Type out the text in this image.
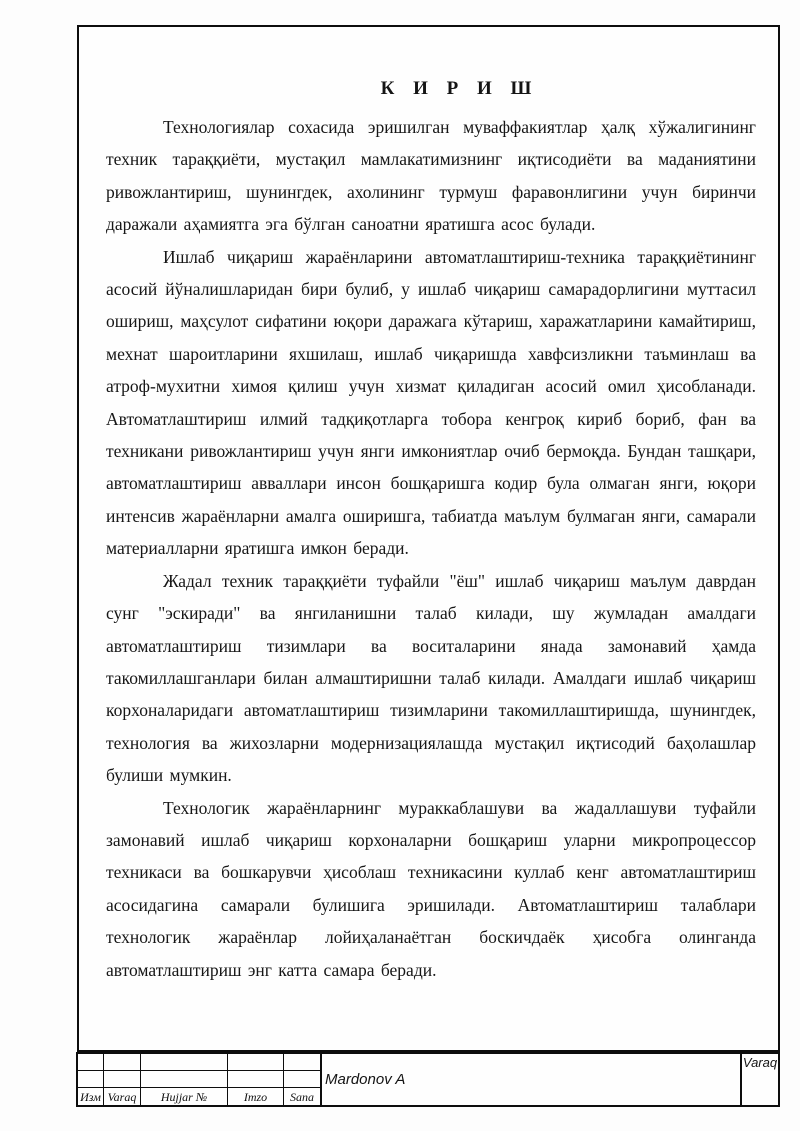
К И Р И Ш

Технологиялар сохасида эришилган муваффакиятлар ҳалқ хўжалигининг техник тараққиёти, мустақил мамлакатимизнинг иқтисодиёти ва маданиятини ривожлантириш, шунингдек, ахолининг турмуш фаравонлигини учун биринчи даражали аҳамиятга эга бўлган саноатни яратишга асос булади.

Ишлаб чиқариш жараёнларини автоматлаштириш-техника тараққиётининг асосий йўналишларидан бири булиб, у ишлаб чиқариш самарадорлигини муттасил ошириш, маҳсулот сифатини юқори даражага кўтариш, харажатларини камайтириш, мехнат шароитларини яхшилаш, ишлаб чиқаришда хавфсизликни таъминлаш ва атроф-мухитни химоя қилиш учун хизмат қиладиган асосий омил ҳисобланади. Автоматлаштириш илмий тадқиқотларга тобора кенгроқ кириб бориб, фан ва техникани ривожлантириш учун янги имкониятлар очиб бермоқда. Бундан ташқари, автоматлаштириш авваллари инсон бошқаришга кодир була олмаган янги, юқори интенсив жараёнларни амалга оширишга, табиатда маълум булмаган янги, самарали материалларни яратишга имкон беради.

Жадал техник тараққиёти туфайли "ёш" ишлаб чиқариш маълум даврдан сунг "эскиради" ва янгиланишни талаб килади, шу жумладан амалдаги автоматлаштириш тизимлари ва воситаларини янада замонавий ҳамда такомиллашганлари билан алмаштиришни талаб килади. Амалдаги ишлаб чиқариш корхоналаридаги автоматлаштириш тизимларини такомиллаштиришда, шунингдек, технология ва жихозларни модернизациялашда мустақил иқтисодий баҳолашлар булиши мумкин.

Технологик жараёнларнинг мураккаблашуви ва жадаллашуви туфайли замонавий ишлаб чиқариш корхоналарни бошқариш уларни микропроцессор техникаси ва бошкарувчи ҳисоблаш техникасини куллаб кенг автоматлаштириш асосидагина самарали булишига эришилади. Автоматлаштириш талаблари технологик жараёнлар лойиҳаланаётган боскичдаёк ҳисобга олинганда автоматлаштириш энг катта самара беради.

Изм Varaq	Hujjar №	Imzo	Sana
Mardonov A
Varaq
